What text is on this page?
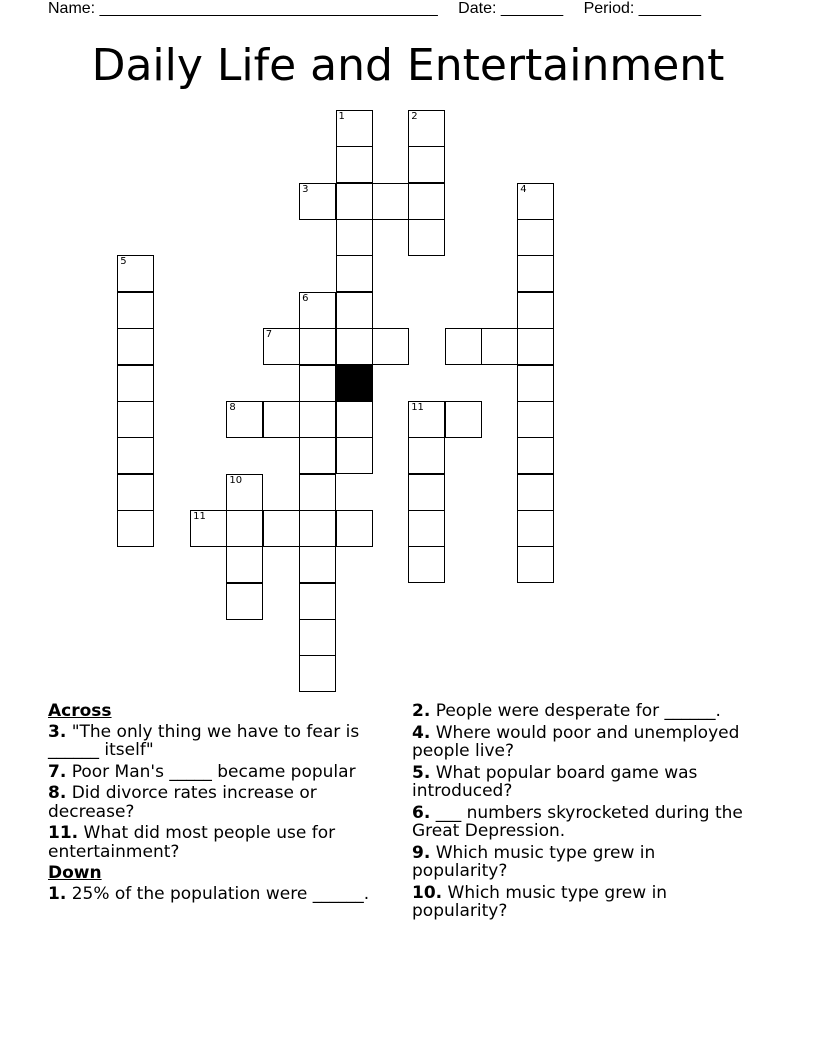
Name: ______________________________________ Date: _______ Period: _______
Daily Life and Entertainment
1	2
3	4
5
6
7
8	11
10
11
Across
3. "The only thing we have to fear is ______ itself"
7. Poor Man's _____ became popular
8. Did divorce rates increase or decrease?
11. What did most people use for entertainment?
Down
1. 25% of the population were ______.
2. People were desperate for ______.
4. Where would poor and unemployed people live?
5. What popular board game was introduced?
6. ___ numbers skyrocketed during the Great Depression.
9. Which music type grew in popularity?
10. Which music type grew in popularity?
